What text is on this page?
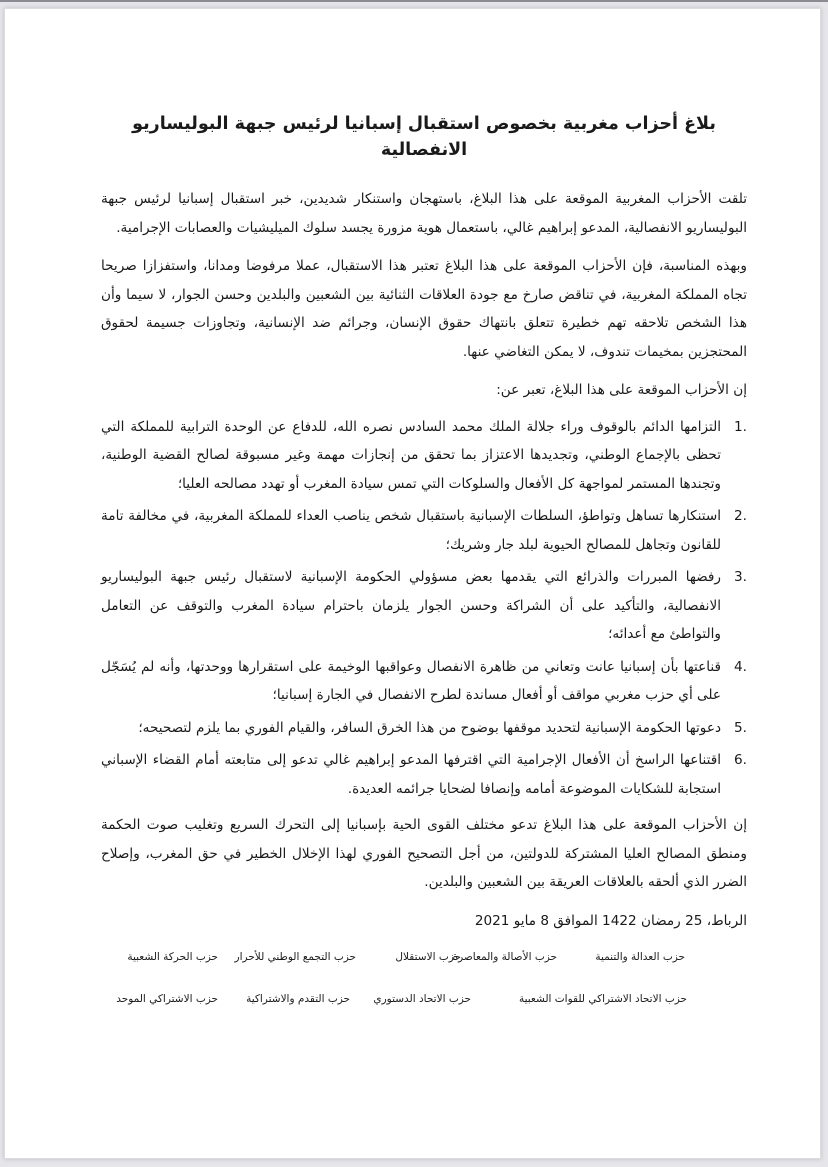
بلاغ أحزاب مغربية بخصوص استقبال إسبانيا لرئيس جبهة البوليساريو الانفصالية

تلقت الأحزاب المغربية الموقعة على هذا البلاغ، باستهجان واستنكار شديدين، خبر استقبال إسبانيا لرئيس جبهة البوليساريو الانفصالية، المدعو إبراهيم غالي، باستعمال هوية مزورة يجسد سلوك الميليشيات والعصابات الإجرامية.

وبهذه المناسبة، فإن الأحزاب الموقعة على هذا البلاغ تعتبر هذا الاستقبال، عملا مرفوضا ومدانا، واستفزازا صريحا تجاه المملكة المغربية، في تناقض صارخ مع جودة العلاقات الثنائية بين الشعبين والبلدين وحسن الجوار، لا سيما وأن هذا الشخص تلاحقه تهم خطيرة تتعلق بانتهاك حقوق الإنسان، وجرائم ضد الإنسانية، وتجاوزات جسيمة لحقوق المحتجزين بمخيمات تندوف، لا يمكن التغاضي عنها.

إن الأحزاب الموقعة على هذا البلاغ، تعبر عن:

1.
التزامها الدائم بالوقوف وراء جلالة الملك محمد السادس نصره الله، للدفاع عن الوحدة الترابية للمملكة التي تحظى بالإجماع الوطني، وتجديدها الاعتزاز بما تحقق من إنجازات مهمة وغير مسبوقة لصالح القضية الوطنية، وتجندها المستمر لمواجهة كل الأفعال والسلوكات التي تمس سيادة المغرب أو تهدد مصالحه العليا؛
2.
استنكارها تساهل وتواطؤ، السلطات الإسبانية باستقبال شخص يناصب العداء للمملكة المغربية، في مخالفة تامة للقانون وتجاهل للمصالح الحيوية لبلد جار وشريك؛
3.
رفضها المبررات والذرائع التي يقدمها بعض مسؤولي الحكومة الإسبانية لاستقبال رئيس جبهة البوليساريو الانفصالية، والتأكيد على أن الشراكة وحسن الجوار يلزمان باحترام سيادة المغرب والتوقف عن التعامل والتواطئ مع أعدائه؛
4.
قناعتها بأن إسبانيا عانت وتعاني من ظاهرة الانفصال وعواقبها الوخيمة على استقرارها ووحدتها، وأنه لم يُسَجّل على أي حزب مغربي مواقف أو أفعال مساندة لطرح الانفصال في الجارة إسبانيا؛
5.
دعوتها الحكومة الإسبانية لتحديد موقفها بوضوح من هذا الخرق السافر، والقيام الفوري بما يلزم لتصحيحه؛
6.
اقتناعها الراسخ أن الأفعال الإجرامية التي اقترفها المدعو إبراهيم غالي تدعو إلى متابعته أمام القضاء الإسباني استجابة للشكايات الموضوعة أمامه وإنصافا لضحايا جرائمه العديدة.

إن الأحزاب الموقعة على هذا البلاغ تدعو مختلف القوى الحية بإسبانيا إلى التحرك السريع وتغليب صوت الحكمة ومنطق المصالح العليا المشتركة للدولتين، من أجل التصحيح الفوري لهذا الإخلال الخطير في حق المغرب، وإصلاح الضرر الذي ألحقه بالعلاقات العريقة بين الشعبين والبلدين.

الرباط، 25 رمضان 1422 الموافق 8 مايو 2021
حزب العدالة والتنمية
حزب الأصالة والمعاصرة
حزب الاستقلال
حزب التجمع الوطني للأحرار
حزب الحركة الشعبية
حزب الاتحاد الاشتراكي للقوات الشعبية
حزب الاتحاد الدستوري
حزب التقدم والاشتراكية
حزب الاشتراكي الموحد
